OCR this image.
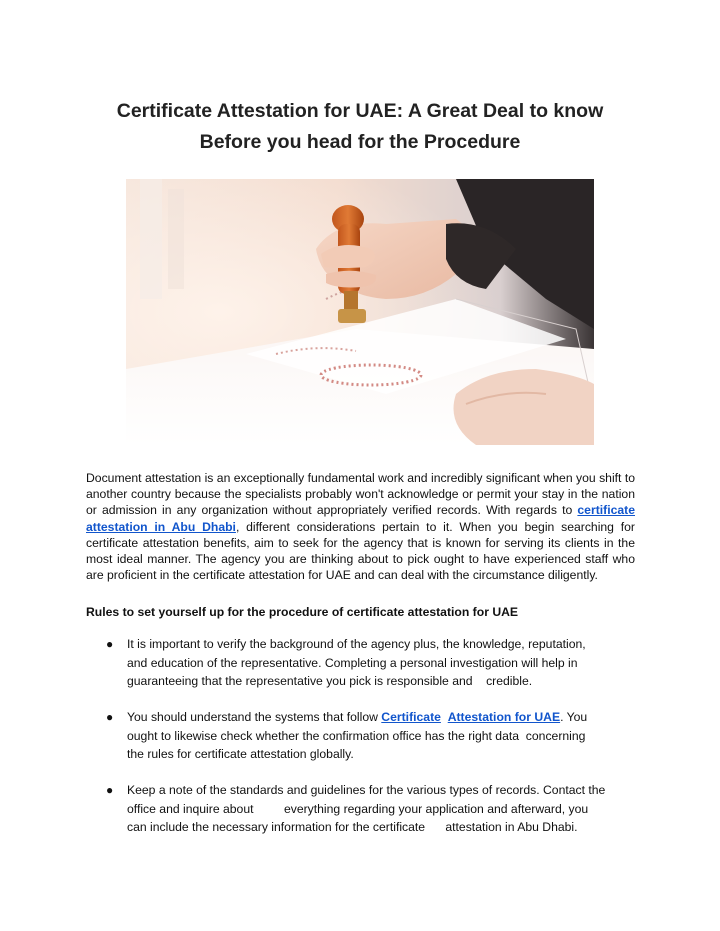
Certificate Attestation for UAE: A Great Deal to know
Before you head for the Procedure

Document attestation is an exceptionally fundamental work and incredibly significant when you shift to another country because the specialists probably won't acknowledge or permit your stay in the nation or admission in any organization without appropriately verified records. With regards to certificate attestation in Abu Dhabi, different considerations pertain to it. When you begin searching for certificate attestation benefits, aim to seek for the agency that is known for serving its clients in the most ideal manner. The agency you are thinking about to pick ought to have experienced staff who are proficient in the certificate attestation for UAE and can deal with the circumstance diligently.

Rules to set yourself up for the procedure of certificate attestation for UAE

● It is important to verify the background of the agency plus, the knowledge, reputation,
and education of the representative. Completing a personal investigation will help in
guaranteeing that the representative you pick is responsible and    credible.
● You should understand the systems that follow Certificate Attestation for UAE. You
ought to likewise check whether the confirmation office has the right data  concerning
the rules for certificate attestation globally.
● Keep a note of the standards and guidelines for the various types of records. Contact the
office and inquire about         everything regarding your application and afterward, you
can include the necessary information for the certificate      attestation in Abu Dhabi.
